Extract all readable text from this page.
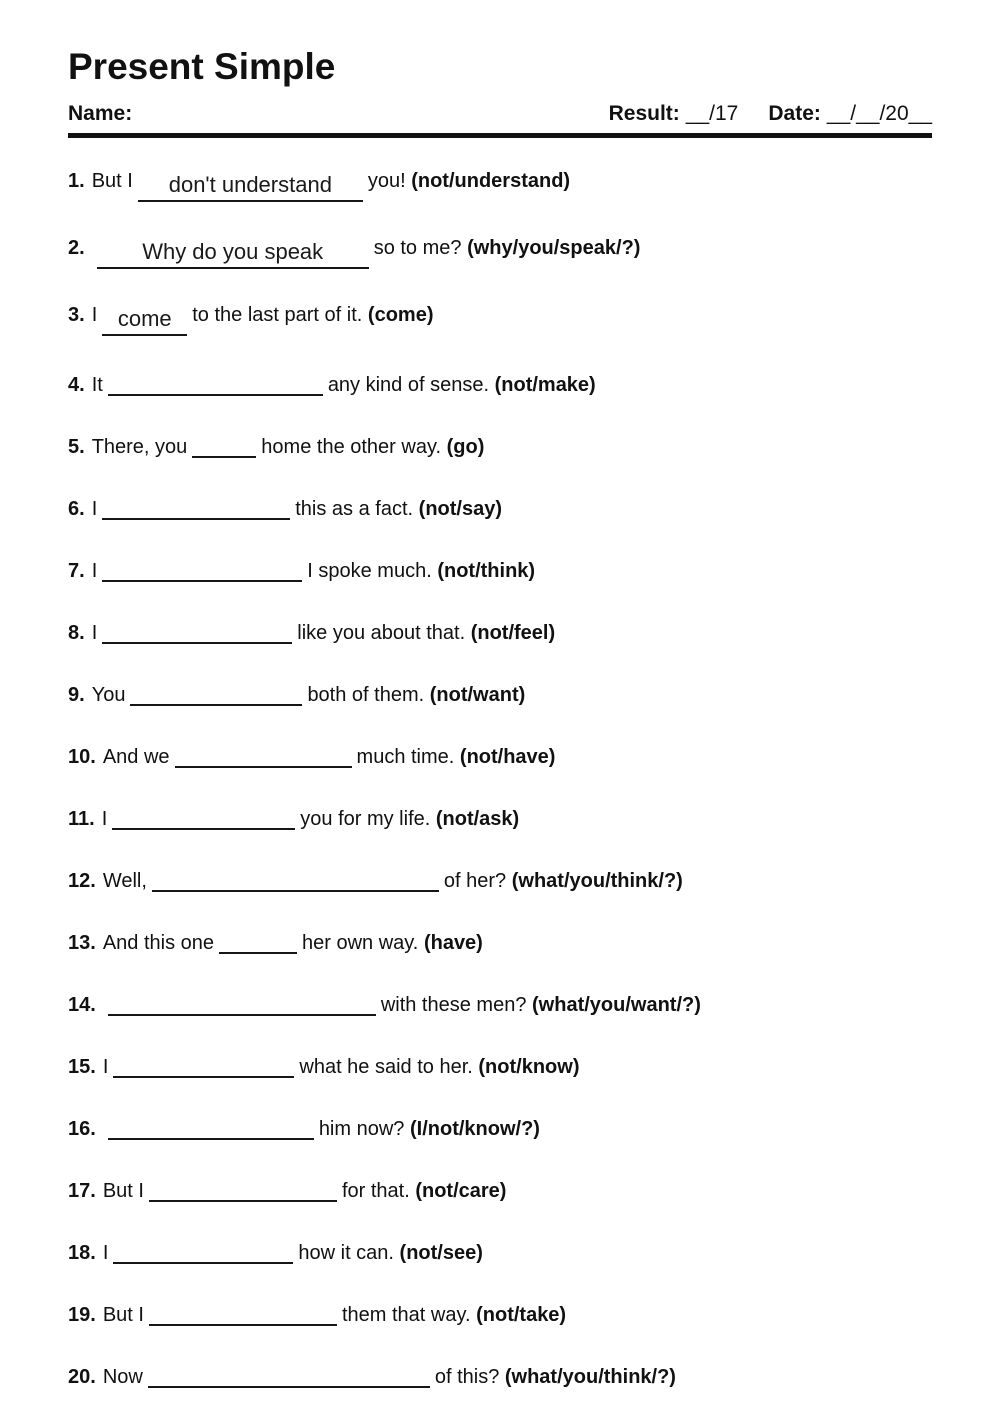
Present Simple
Name:	Result: __/17 Date: __/__/20__
1. But I don't understand you! (not/understand)
2.	Why do you speak	so to me? (why/you/speak/?)
3. I come to the last part of it. (come)
4. It	any kind of sense. (not/make)
5. There, you	home the other way. (go)
6. I	this as a fact. (not/say)
7. I	I spoke much. (not/think)
8. I	like you about that. (not/feel)
9. You	both of them. (not/want)
10. And we	much time. (not/have)
11. I	you for my life. (not/ask)
12. Well,	of her? (what/you/think/?)
13. And this one	her own way. (have)
14.	with these men? (what/you/want/?)
15. I	what he said to her. (not/know)
16.	him now? (I/not/know/?)
17. But I	for that. (not/care)
18. I	how it can. (not/see)
19. But I	them that way. (not/take)
20. Now	of this? (what/you/think/?)
